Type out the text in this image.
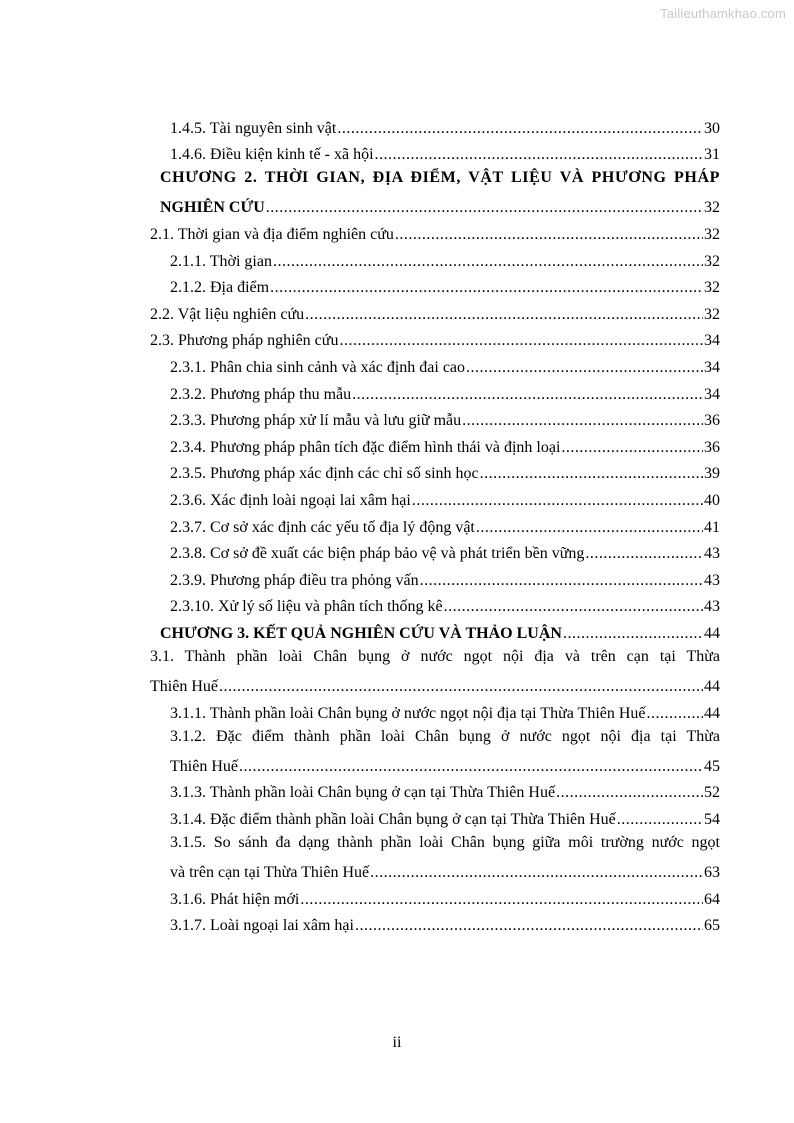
Tailieuthamkhao.com
1.4.5. Tài nguyên sinh vật .....	30
1.4.6. Điều kiện kinh tế - xã hội .....	31
CHƯƠNG 2. THỜI GIAN, ĐỊA ĐIỂM, VẬT LIỆU VÀ PHƯƠNG PHÁP
NGHIÊN CỨU .....	32
2.1. Thời gian và địa điểm nghiên cứu .....	32
2.1.1. Thời gian .....	32
2.1.2. Địa điểm .....	32
2.2. Vật liệu nghiên cứu .....	32
2.3. Phương pháp nghiên cứu .....	34
2.3.1. Phân chia sinh cảnh và xác định đai cao .....	34
2.3.2. Phương pháp thu mẫu .....	34
2.3.3. Phương pháp xử lí mẫu và lưu giữ mẫu .....	36
2.3.4. Phương pháp phân tích đặc điểm hình thái và định loại .....	36
2.3.5. Phương pháp xác định các chỉ số sinh học .....	39
2.3.6. Xác định loài ngoại lai xâm hại .....	40
2.3.7. Cơ sở xác định các yếu tố địa lý động vật .....	41
2.3.8. Cơ sở đề xuất các biện pháp bảo vệ và phát triển bền vững .....	43
2.3.9. Phương pháp điều tra phỏng vấn .....	43
2.3.10. Xử lý số liệu và phân tích thống kê .....	43
CHƯƠNG 3. KẾT QUẢ NGHIÊN CỨU VÀ THẢO LUẬN .....	44
3.1. Thành phần loài Chân bụng ở nước ngọt nội địa và trên cạn tại Thừa
Thiên Huế .....	44
3.1.1. Thành phần loài Chân bụng ở nước ngọt nội địa tại Thừa Thiên Huế .....	44
3.1.2. Đặc điểm thành phần loài Chân bụng ở nước ngọt nội địa tại Thừa
Thiên Huế .....	45
3.1.3. Thành phần loài Chân bụng ở cạn tại Thừa Thiên Huế .....	52
3.1.4. Đặc điểm thành phần loài Chân bụng ở cạn tại Thừa Thiên Huế .....	54
3.1.5. So sánh đa dạng thành phần loài Chân bụng giữa môi trường nước ngọt
và trên cạn tại Thừa Thiên Huế .....	63
3.1.6. Phát hiện mới .....	64
3.1.7. Loài ngoại lai xâm hại .....	65
ii
